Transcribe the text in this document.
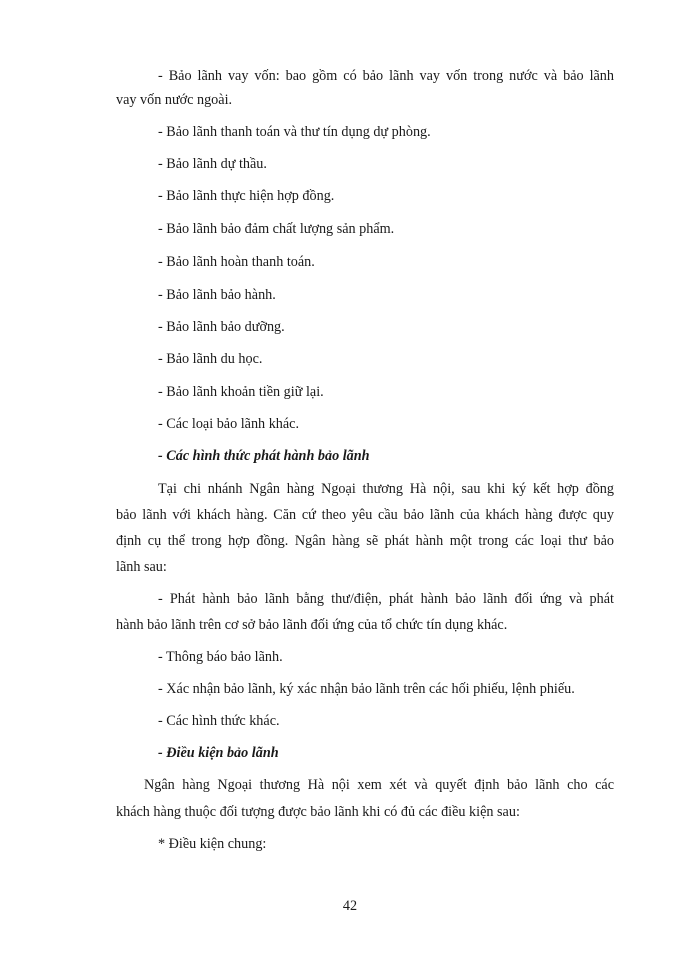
- Bảo lãnh vay vốn: bao gồm có bảo lãnh vay vốn trong nước và bảo lãnh
vay vốn nước ngoài.
- Bảo lãnh thanh toán và thư tín dụng dự phòng.
- Bảo lãnh dự thầu.
- Bảo lãnh thực hiện hợp đồng.
- Bảo lãnh bảo đảm chất lượng sản phẩm.
- Bảo lãnh hoàn thanh toán.
- Bảo lãnh bảo hành.
- Bảo lãnh bảo dưỡng.
- Bảo lãnh du học.
- Bảo lãnh khoản tiền giữ lại.
- Các loại bảo lãnh khác.
- Các hình thức phát hành bảo lãnh
Tại chi nhánh Ngân hàng Ngoại thương Hà nội, sau khi ký kết hợp đồng
bảo lãnh với khách hàng. Căn cứ theo yêu cầu bảo lãnh của khách hàng được quy
định cụ thể trong hợp đồng. Ngân hàng sẽ phát hành một trong các loại thư bảo
lãnh sau:
- Phát hành bảo lãnh bằng thư/điện, phát hành bảo lãnh đối ứng và phát
hành bảo lãnh trên cơ sở bảo lãnh đối ứng của tổ chức tín dụng khác.
- Thông báo bảo lãnh.
- Xác nhận bảo lãnh, ký xác nhận bảo lãnh trên các hối phiếu, lệnh phiếu.
- Các hình thức khác.
- Điều kiện bảo lãnh
Ngân hàng Ngoại thương Hà nội xem xét và quyết định bảo lãnh cho các
khách hàng thuộc đối tượng được bảo lãnh khi có đủ các điều kiện sau:
* Điều kiện chung:
42
